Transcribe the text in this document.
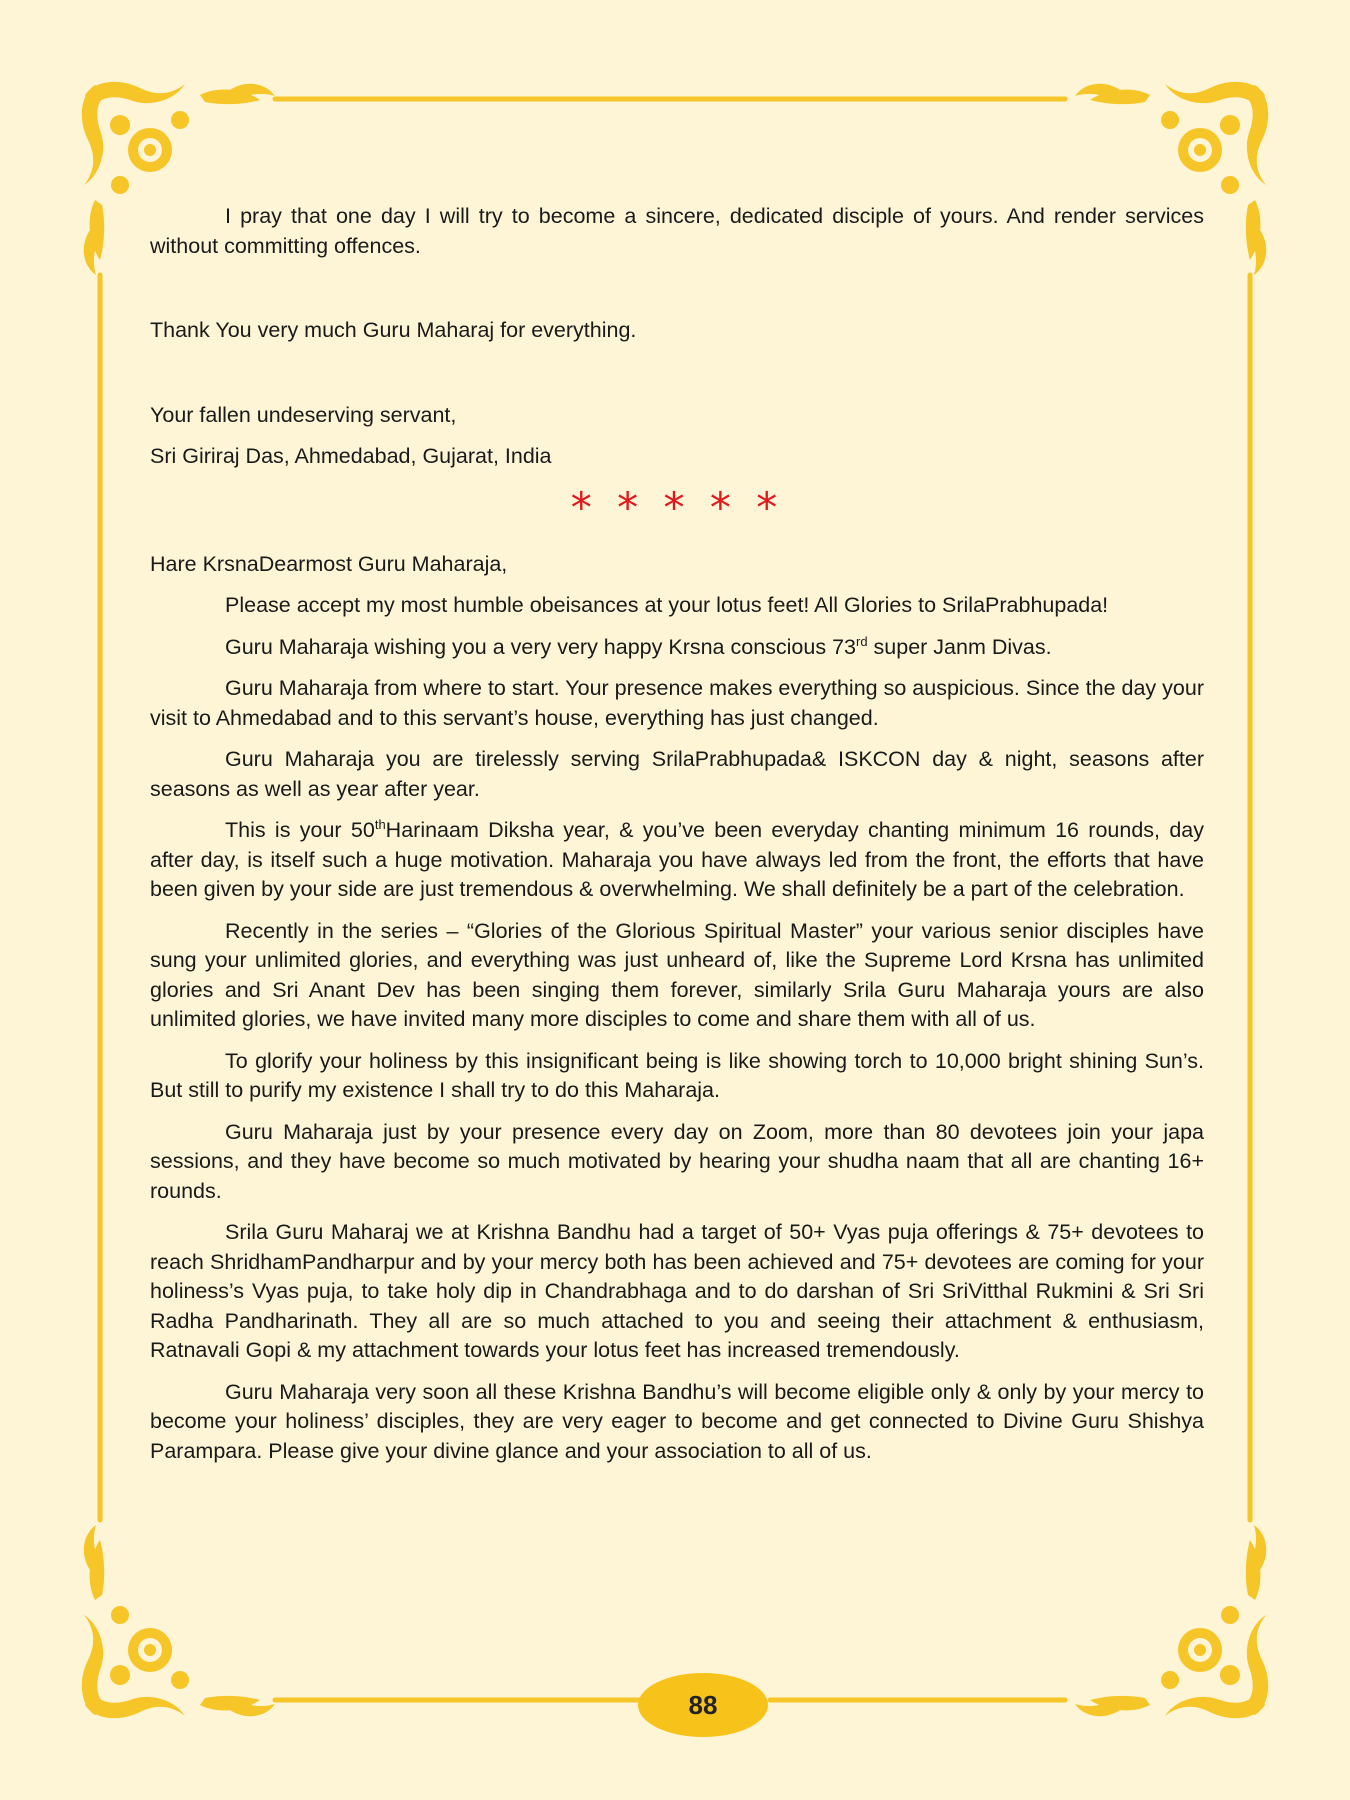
I pray that one day I will try to become a sincere, dedicated disciple of yours. And render services without committing offences.

Thank You very much Guru Maharaj for everything.

Your fallen undeserving servant,

Sri Giriraj Das, Ahmedabad, Gujarat, India

* * * * *

Hare KrsnaDearmost Guru Maharaja,

Please accept my most humble obeisances at your lotus feet! All Glories to SrilaPrabhupada!

Guru Maharaja wishing you a very very happy Krsna conscious 73rd super Janm Divas.

Guru Maharaja from where to start. Your presence makes everything so auspicious. Since the day your visit to Ahmedabad and to this servant’s house, everything has just changed.

Guru Maharaja you are tirelessly serving SrilaPrabhupada& ISKCON day & night, seasons after seasons as well as year after year.

This is your 50thHarinaam Diksha year, & you’ve been everyday chanting minimum 16 rounds, day after day, is itself such a huge motivation. Maharaja you have always led from the front, the efforts that have been given by your side are just tremendous & overwhelming. We shall definitely be a part of the celebration.

Recently in the series – “Glories of the Glorious Spiritual Master” your various senior disciples have sung your unlimited glories, and everything was just unheard of, like the Supreme Lord Krsna has unlimited glories and Sri Anant Dev has been singing them forever, similarly Srila Guru Maharaja yours are also unlimited glories, we have invited many more disciples to come and share them with all of us.

To glorify your holiness by this insignificant being is like showing torch to 10,000 bright shining Sun’s. But still to purify my existence I shall try to do this Maharaja.

Guru Maharaja just by your presence every day on Zoom, more than 80 devotees join your japa sessions, and they have become so much motivated by hearing your shudha naam that all are chanting 16+ rounds.

Srila Guru Maharaj we at Krishna Bandhu had a target of 50+ Vyas puja offerings & 75+ devotees to reach ShridhamPandharpur and by your mercy both has been achieved and 75+ devotees are coming for your holiness’s Vyas puja, to take holy dip in Chandrabhaga and to do darshan of Sri SriVitthal Rukmini & Sri Sri Radha Pandharinath. They all are so much attached to you and seeing their attachment & enthusiasm, Ratnavali Gopi & my attachment towards your lotus feet has increased tremendously.

Guru Maharaja very soon all these Krishna Bandhu’s will become eligible only & only by your mercy to become your holiness’ disciples, they are very eager to become and get connected to Divine Guru Shishya Parampara. Please give your divine glance and your association to all of us.

88
